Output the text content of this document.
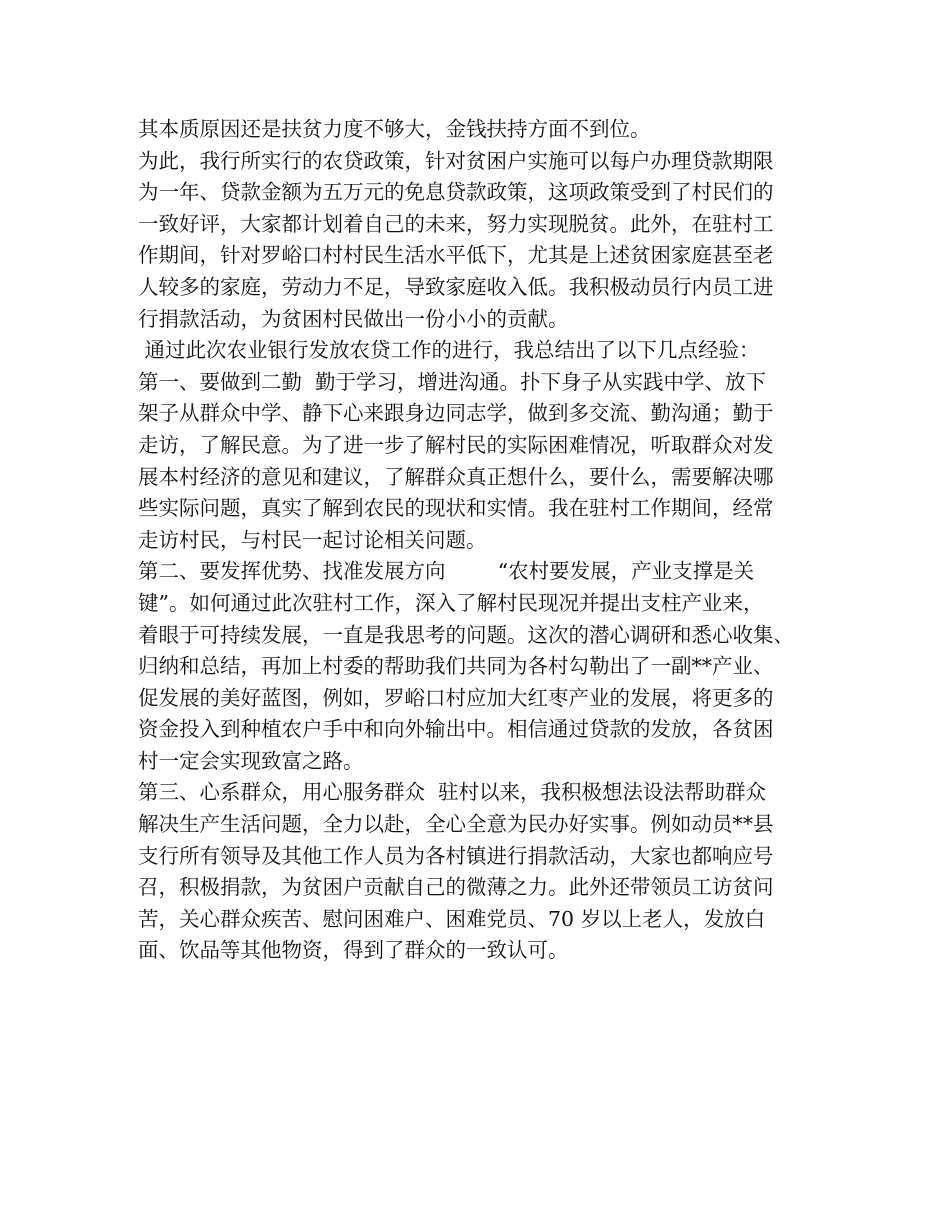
其本质原因还是扶贫力度不够大，金钱扶持方面不到位。
为此，我行所实行的农贷政策，针对贫困户实施可以每户办理贷款期限
为一年、贷款金额为五万元的免息贷款政策，这项政策受到了村民们的
一致好评，大家都计划着自己的未来，努力实现脱贫。此外，在驻村工
作期间，针对罗峪口村村民生活水平低下，尤其是上述贫困家庭甚至老
人较多的家庭，劳动力不足，导致家庭收入低。我积极动员行内员工进
行捐款活动，为贫困村民做出一份小小的贡献。
通过此次农业银行发放农贷工作的进行，我总结出了以下几点经验：
第一、要做到二勤  勤于学习，增进沟通。扑下身子从实践中学、放下
架子从群众中学、静下心来跟身边同志学，做到多交流、勤沟通；勤于
走访，了解民意。为了进一步了解村民的实际困难情况，听取群众对发
展本村经济的意见和建议，了解群众真正想什么，要什么，需要解决哪
些实际问题，真实了解到农民的现状和实情。我在驻村工作期间，经常
走访村民，与村民一起讨论相关问题。
第二、要发挥优势、找准发展方向        “农村要发展，产业支撑是关
键”。如何通过此次驻村工作，深入了解村民现况并提出支柱产业来，
着眼于可持续发展，一直是我思考的问题。这次的潜心调研和悉心收集、
归纳和总结，再加上村委的帮助我们共同为各村勾勒出了一副**产业、
促发展的美好蓝图，例如，罗峪口村应加大红枣产业的发展，将更多的
资金投入到种植农户手中和向外输出中。相信通过贷款的发放，各贫困
村一定会实现致富之路。
第三、心系群众，用心服务群众  驻村以来，我积极想法设法帮助群众
解决生产生活问题，全力以赴，全心全意为民办好实事。例如动员**县
支行所有领导及其他工作人员为各村镇进行捐款活动，大家也都响应号
召，积极捐款，为贫困户贡献自己的微薄之力。此外还带领员工访贫问
苦，关心群众疾苦、慰问困难户、困难党员、70 岁以上老人，发放白
面、饮品等其他物资，得到了群众的一致认可。
